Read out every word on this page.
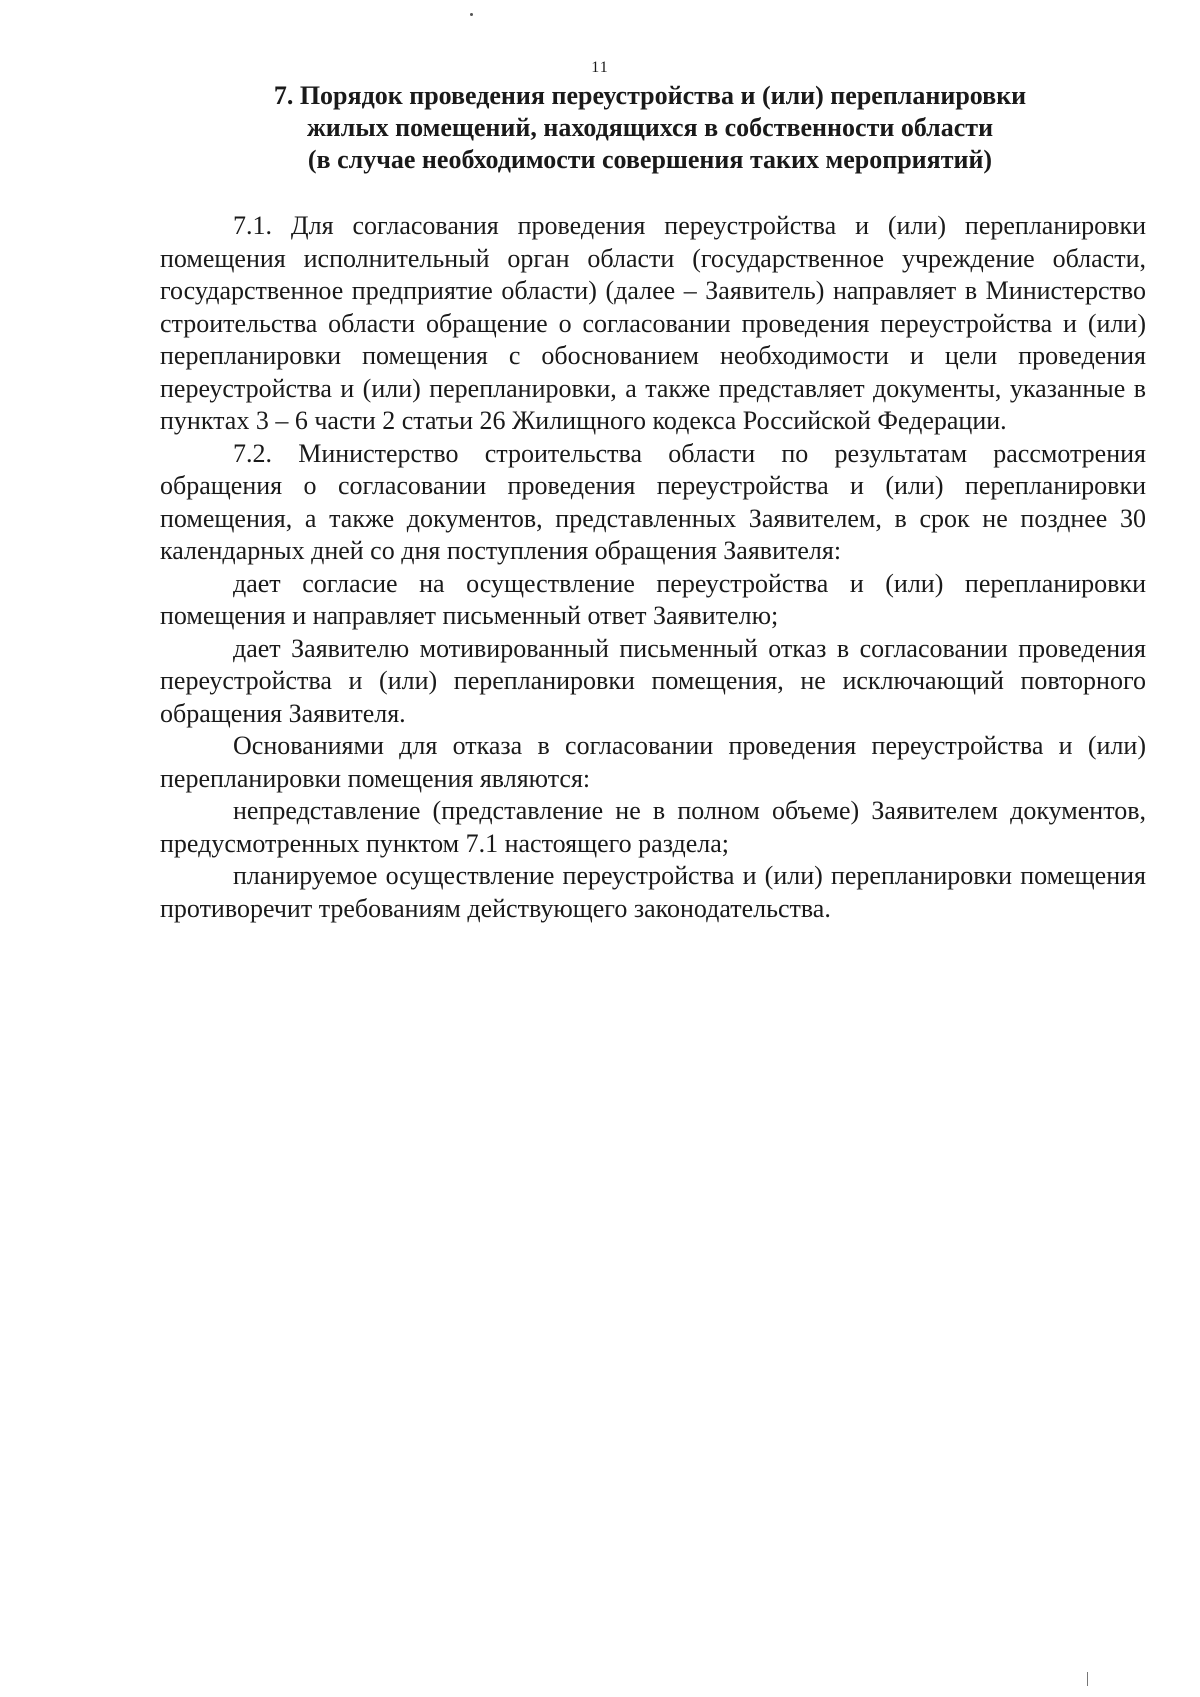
11
7. Порядок проведения переустройства и (или) перепланировки
жилых помещений, находящихся в собственности области
(в случае необходимости совершения таких мероприятий)

7.1. Для согласования проведения переустройства и (или) перепланировки помещения исполнительный орган области (государственное учреждение области, государственное предприятие области) (далее – Заявитель) направляет в Министерство строительства области обращение о согласовании проведения переустройства и (или) перепланировки помещения с обоснованием необходимости и цели проведения переустройства и (или) перепланировки, а также представляет документы, указанные в пунктах 3 – 6 части 2 статьи 26 Жилищного кодекса Российской Федерации.

7.2. Министерство строительства области по результатам рассмотрения обращения о согласовании проведения переустройства и (или) перепланировки помещения, а также документов, представленных Заявителем, в срок не позднее 30 календарных дней со дня поступления обращения Заявителя:

дает согласие на осуществление переустройства и (или) перепланировки помещения и направляет письменный ответ Заявителю;

дает Заявителю мотивированный письменный отказ в согласовании проведения переустройства и (или) перепланировки помещения, не исключающий повторного обращения Заявителя.

Основаниями для отказа в согласовании проведения переустройства и (или) перепланировки помещения являются:

непредставление (представление не в полном объеме) Заявителем документов, предусмотренных пунктом 7.1 настоящего раздела;

планируемое осуществление переустройства и (или) перепланировки помещения противоречит требованиям действующего законодательства.
